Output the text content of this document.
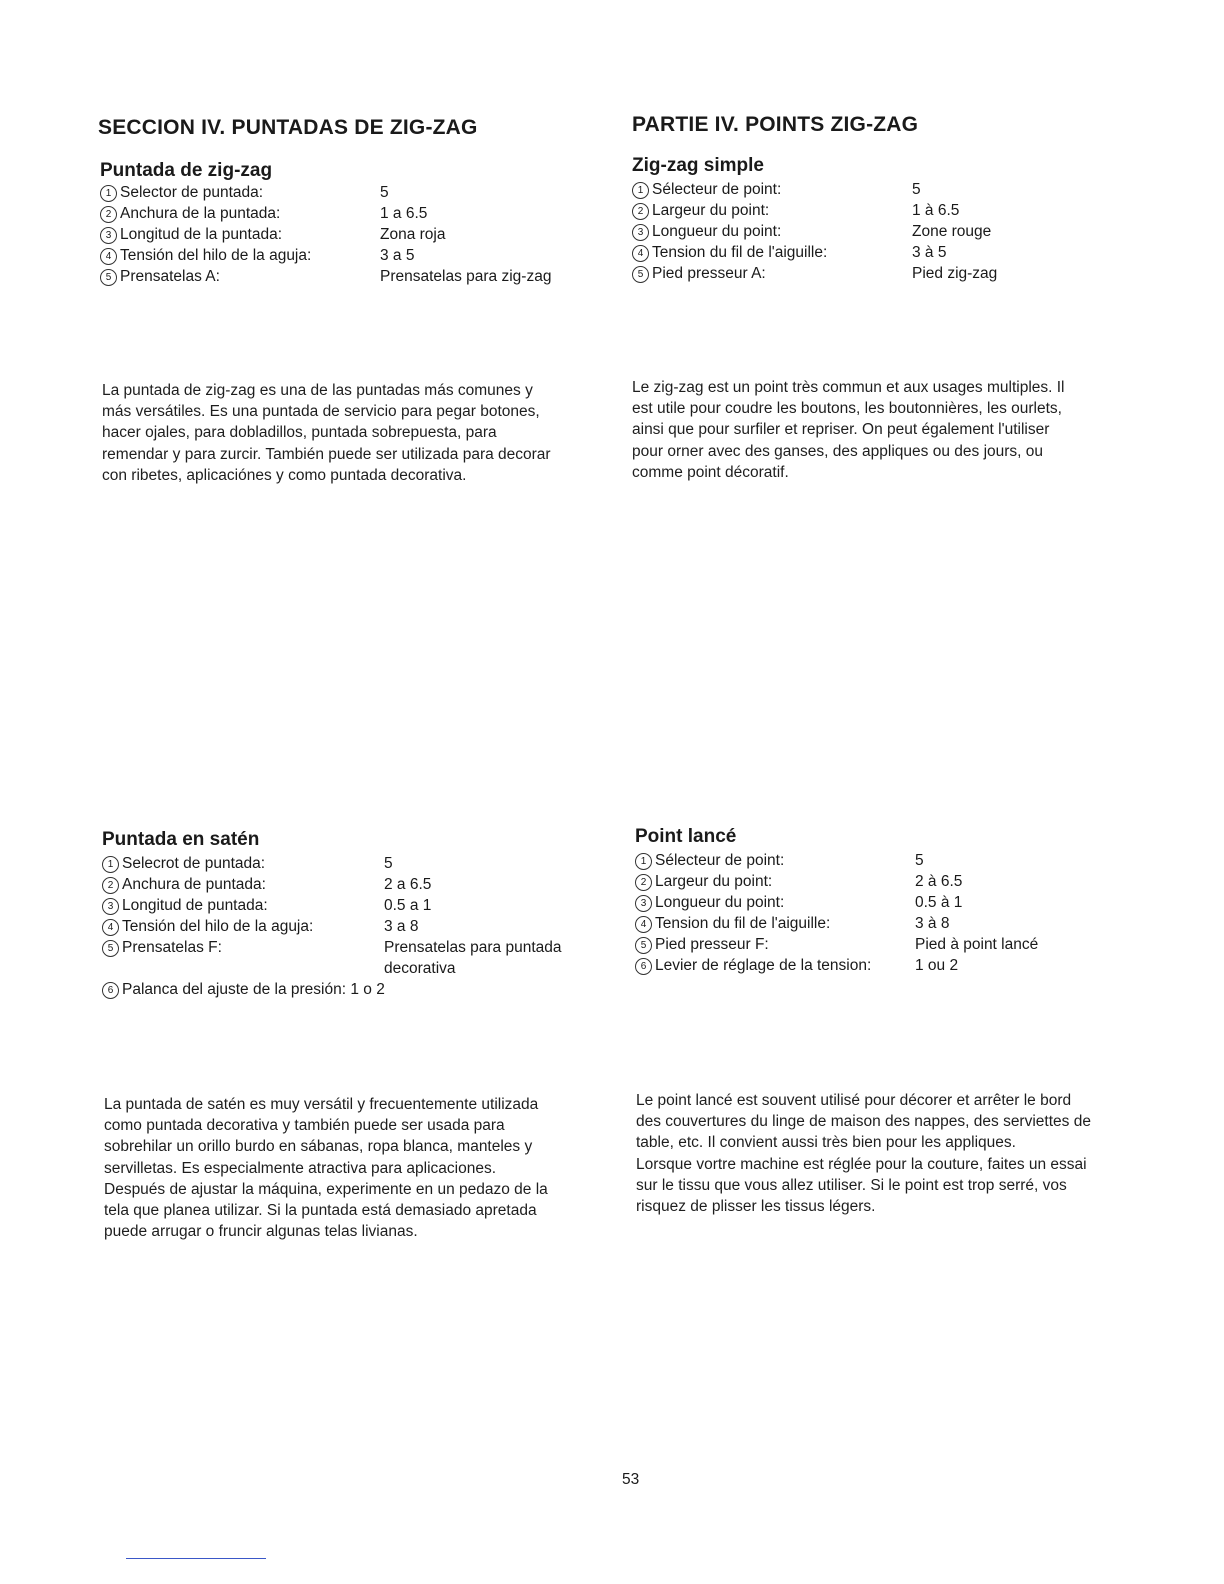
SECCION IV. PUNTADAS DE ZIG-ZAG
Puntada de zig-zag
1 Selector de puntada:	5
2 Anchura de la puntada:	1 a 6.5
3 Longitud de la puntada:	Zona roja
4 Tensión del hilo de la aguja:	3 a 5
5 Prensatelas A:	Prensatelas para zig-zag
La puntada de zig-zag es una de las puntadas más comunes y
más versátiles. Es una puntada de servicio para pegar botones,
hacer ojales, para dobladillos, puntada sobrepuesta, para
remendar y para zurcir. También puede ser utilizada para decorar
con ribetes, aplicaciónes y como puntada decorativa.
PARTIE IV. POINTS ZIG-ZAG
Zig-zag simple
1 Sélecteur de point:	5
2 Largeur du point:	1 à 6.5
3 Longueur du point:	Zone rouge
4 Tension du fil de l'aiguille:	3 à 5
5 Pied presseur A:	Pied zig-zag
Le zig-zag est un point très commun et aux usages multiples. Il
est utile pour coudre les boutons, les boutonnières, les ourlets,
ainsi que pour surfiler et repriser. On peut également l'utiliser
pour orner avec des ganses, des appliques ou des jours, ou
comme point décoratif.
Puntada en satén
1 Selecrot de puntada:	5
2 Anchura de puntada:	2 a 6.5
3 Longitud de puntada:	0.5 a 1
4 Tensión del hilo de la aguja:	3 a 8
5 Prensatelas F:	Prensatelas para puntada
decorativa
6 Palanca del ajuste de la presión: 1 o 2
La puntada de satén es muy versátil y frecuentemente utilizada
como puntada decorativa y también puede ser usada para
sobrehilar un orillo burdo en sábanas, ropa blanca, manteles y
servilletas. Es especialmente atractiva para aplicaciones.
Después de ajustar la máquina, experimente en un pedazo de la
tela que planea utilizar. Si la puntada está demasiado apretada
puede arrugar o fruncir algunas telas livianas.
Point lancé
1 Sélecteur de point:	5
2 Largeur du point:	2 à 6.5
3 Longueur du point:	0.5 à 1
4 Tension du fil de l'aiguille:	3 à 8
5 Pied presseur F:	Pied à point lancé
6 Levier de réglage de la tension:	1 ou 2
Le point lancé est souvent utilisé pour décorer et arrêter le bord
des couvertures du linge de maison des nappes, des serviettes de
table, etc. Il convient aussi très bien pour les appliques.
Lorsque vortre machine est réglée pour la couture, faites un essai
sur le tissu que vous allez utiliser. Si le point est trop serré, vos
risquez de plisser les tissus légers.
53
